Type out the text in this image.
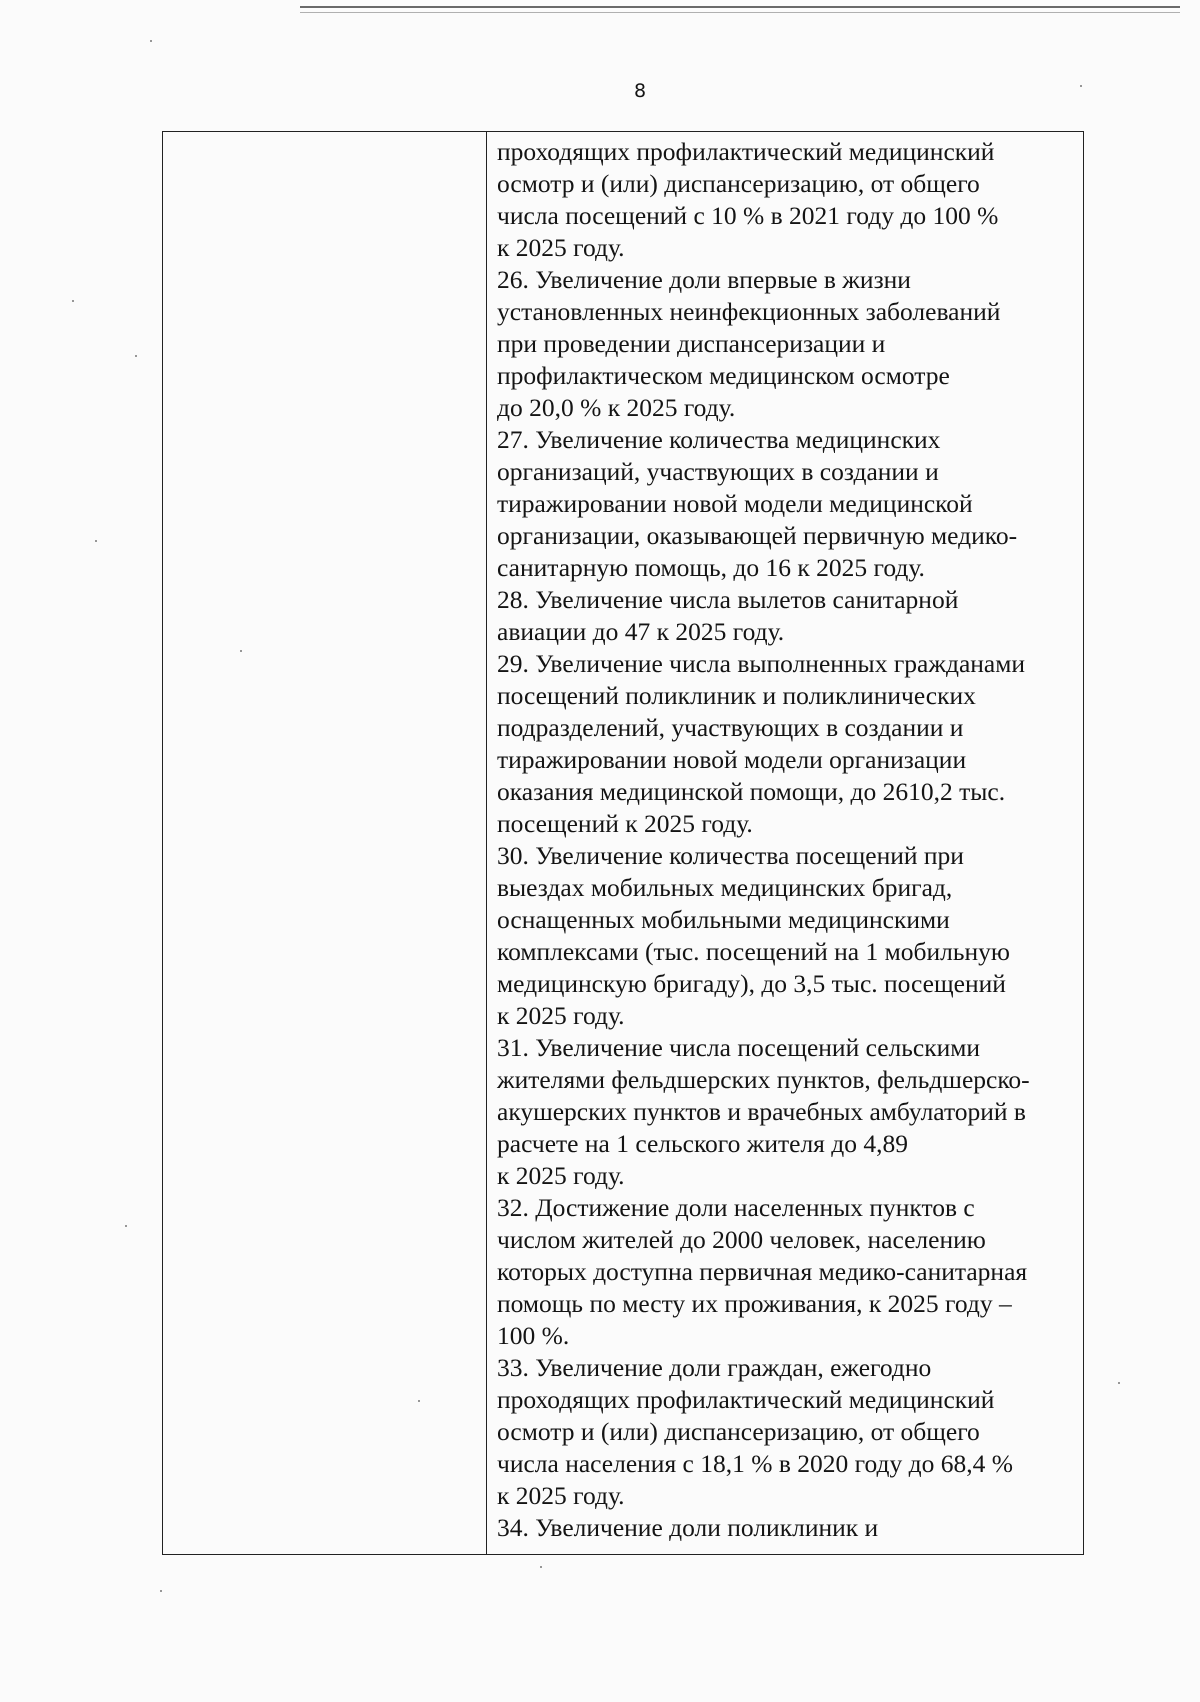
8
проходящих профилактический медицинский
осмотр и (или) диспансеризацию, от общего
числа посещений с 10 % в 2021 году до 100 %
к 2025 году.
26. Увеличение доли впервые в жизни
установленных неинфекционных заболеваний
при проведении диспансеризации и
профилактическом медицинском осмотре
до 20,0 % к 2025 году.
27. Увеличение количества медицинских
организаций, участвующих в создании и
тиражировании новой модели медицинской
организации, оказывающей первичную медико-
санитарную помощь, до 16 к 2025 году.
28. Увеличение числа вылетов санитарной
авиации до 47 к 2025 году.
29. Увеличение числа выполненных гражданами
посещений поликлиник и поликлинических
подразделений, участвующих в создании и
тиражировании новой модели организации
оказания медицинской помощи, до 2610,2 тыс.
посещений к 2025 году.
30. Увеличение количества посещений при
выездах мобильных медицинских бригад,
оснащенных мобильными медицинскими
комплексами (тыс. посещений на 1 мобильную
медицинскую бригаду), до 3,5 тыс. посещений
к 2025 году.
31. Увеличение числа посещений сельскими
жителями фельдшерских пунктов, фельдшерско-
акушерских пунктов и врачебных амбулаторий в
расчете на 1 сельского жителя до 4,89
к 2025 году.
32. Достижение доли населенных пунктов с
числом жителей до 2000 человек, населению
которых доступна первичная медико-санитарная
помощь по месту их проживания, к 2025 году –
100 %.
33. Увеличение доли граждан, ежегодно
проходящих профилактический медицинский
осмотр и (или) диспансеризацию, от общего
числа населения с 18,1 % в 2020 году до 68,4 %
к 2025 году.
34. Увеличение доли поликлиник и
